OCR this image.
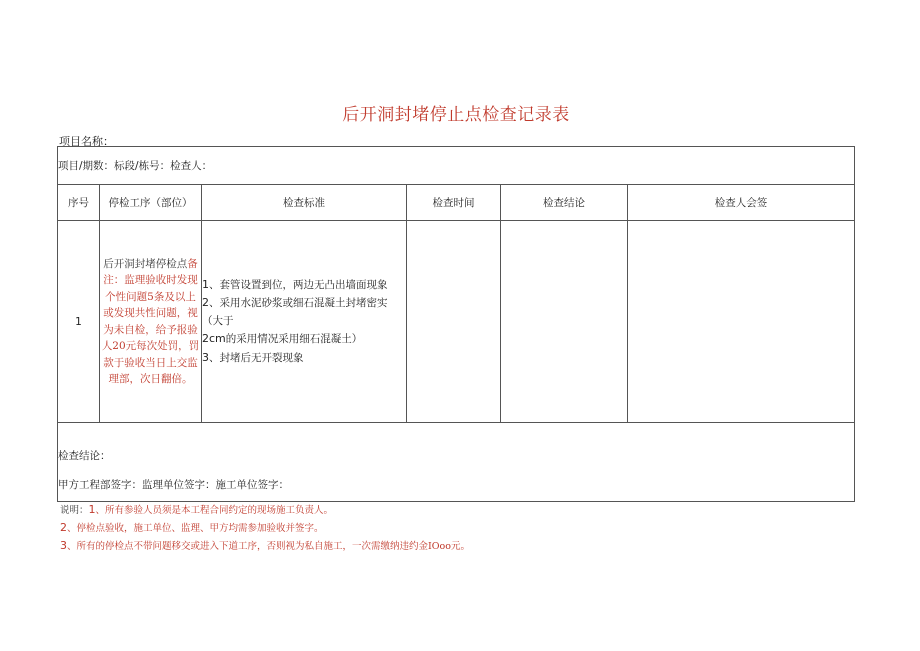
后开洞封堵停止点检查记录表
项目名称：
项目/期数：标段/栋号：检查人：					
序号	停检工序（部位）	检查标准	检查时间	检查结论	检查人会签
1	后开洞封堵停检点备注：监理验收时发现个性问题5条及以上或发现共性问题，视为未自检，给予报验人20元每次处罚，罚款于验收当日上交监理部，次日翻倍。	1、套管设置到位，两边无凸出墙面现象
2、采用水泥砂浆或细石混凝土封堵密实（大于
2cm的采用情况采用细石混凝土）
3、封堵后无开裂现象			

检查结论：
甲方工程部签字：监理单位签字：施工单位签字：					
说明：1、所有参验人员须是本工程合同约定的现场施工负责人。
2、停检点验收，施工单位、监理、甲方均需参加验收并签字。
3、所有的停检点不带问题移交或进入下道工序，否则视为私自施工，一次需缴纳违约金IOoo元。
